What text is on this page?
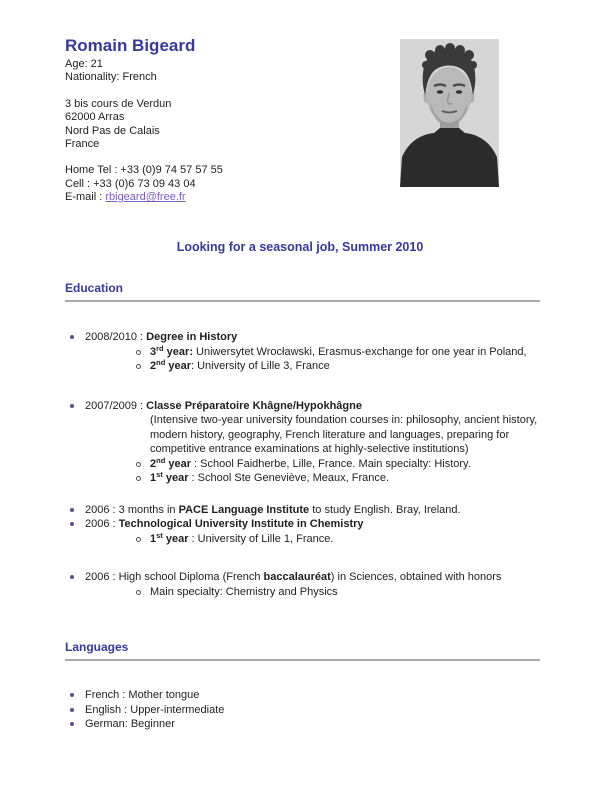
Romain Bigeard
Age: 21
Nationality: French
3 bis cours de Verdun
62000 Arras
Nord Pas de Calais
France
Home Tel : +33 (0)9 74 57 57 55
Cell : +33 (0)6 73 09 43 04
E-mail : rbigeard@free.fr
Looking for a seasonal job, Summer 2010
Education
2008/2010 : Degree in History
3rd year: Uniwersytet Wrocławski, Erasmus-exchange for one year in Poland,
2nd year: University of Lille 3, France
2007/2009 : Classe Préparatoire Khâgne/Hypokhâgne
(Intensive two-year university foundation courses in: philosophy, ancient history, modern history, geography, French literature and languages, preparing for competitive entrance examinations at highly-selective institutions)
2nd year : School Faidherbe, Lille, France. Main specialty: History.
1st year : School Ste Geneviève, Meaux, France.
2006 : 3 months in PACE Language Institute to study English. Bray, Ireland.
2006 : Technological University Institute in Chemistry
1st year : University of Lille 1, France.
2006 : High school Diploma (French baccalauréat) in Sciences, obtained with honors
Main specialty: Chemistry and Physics
Languages
French : Mother tongue
English : Upper-intermediate
German: Beginner
